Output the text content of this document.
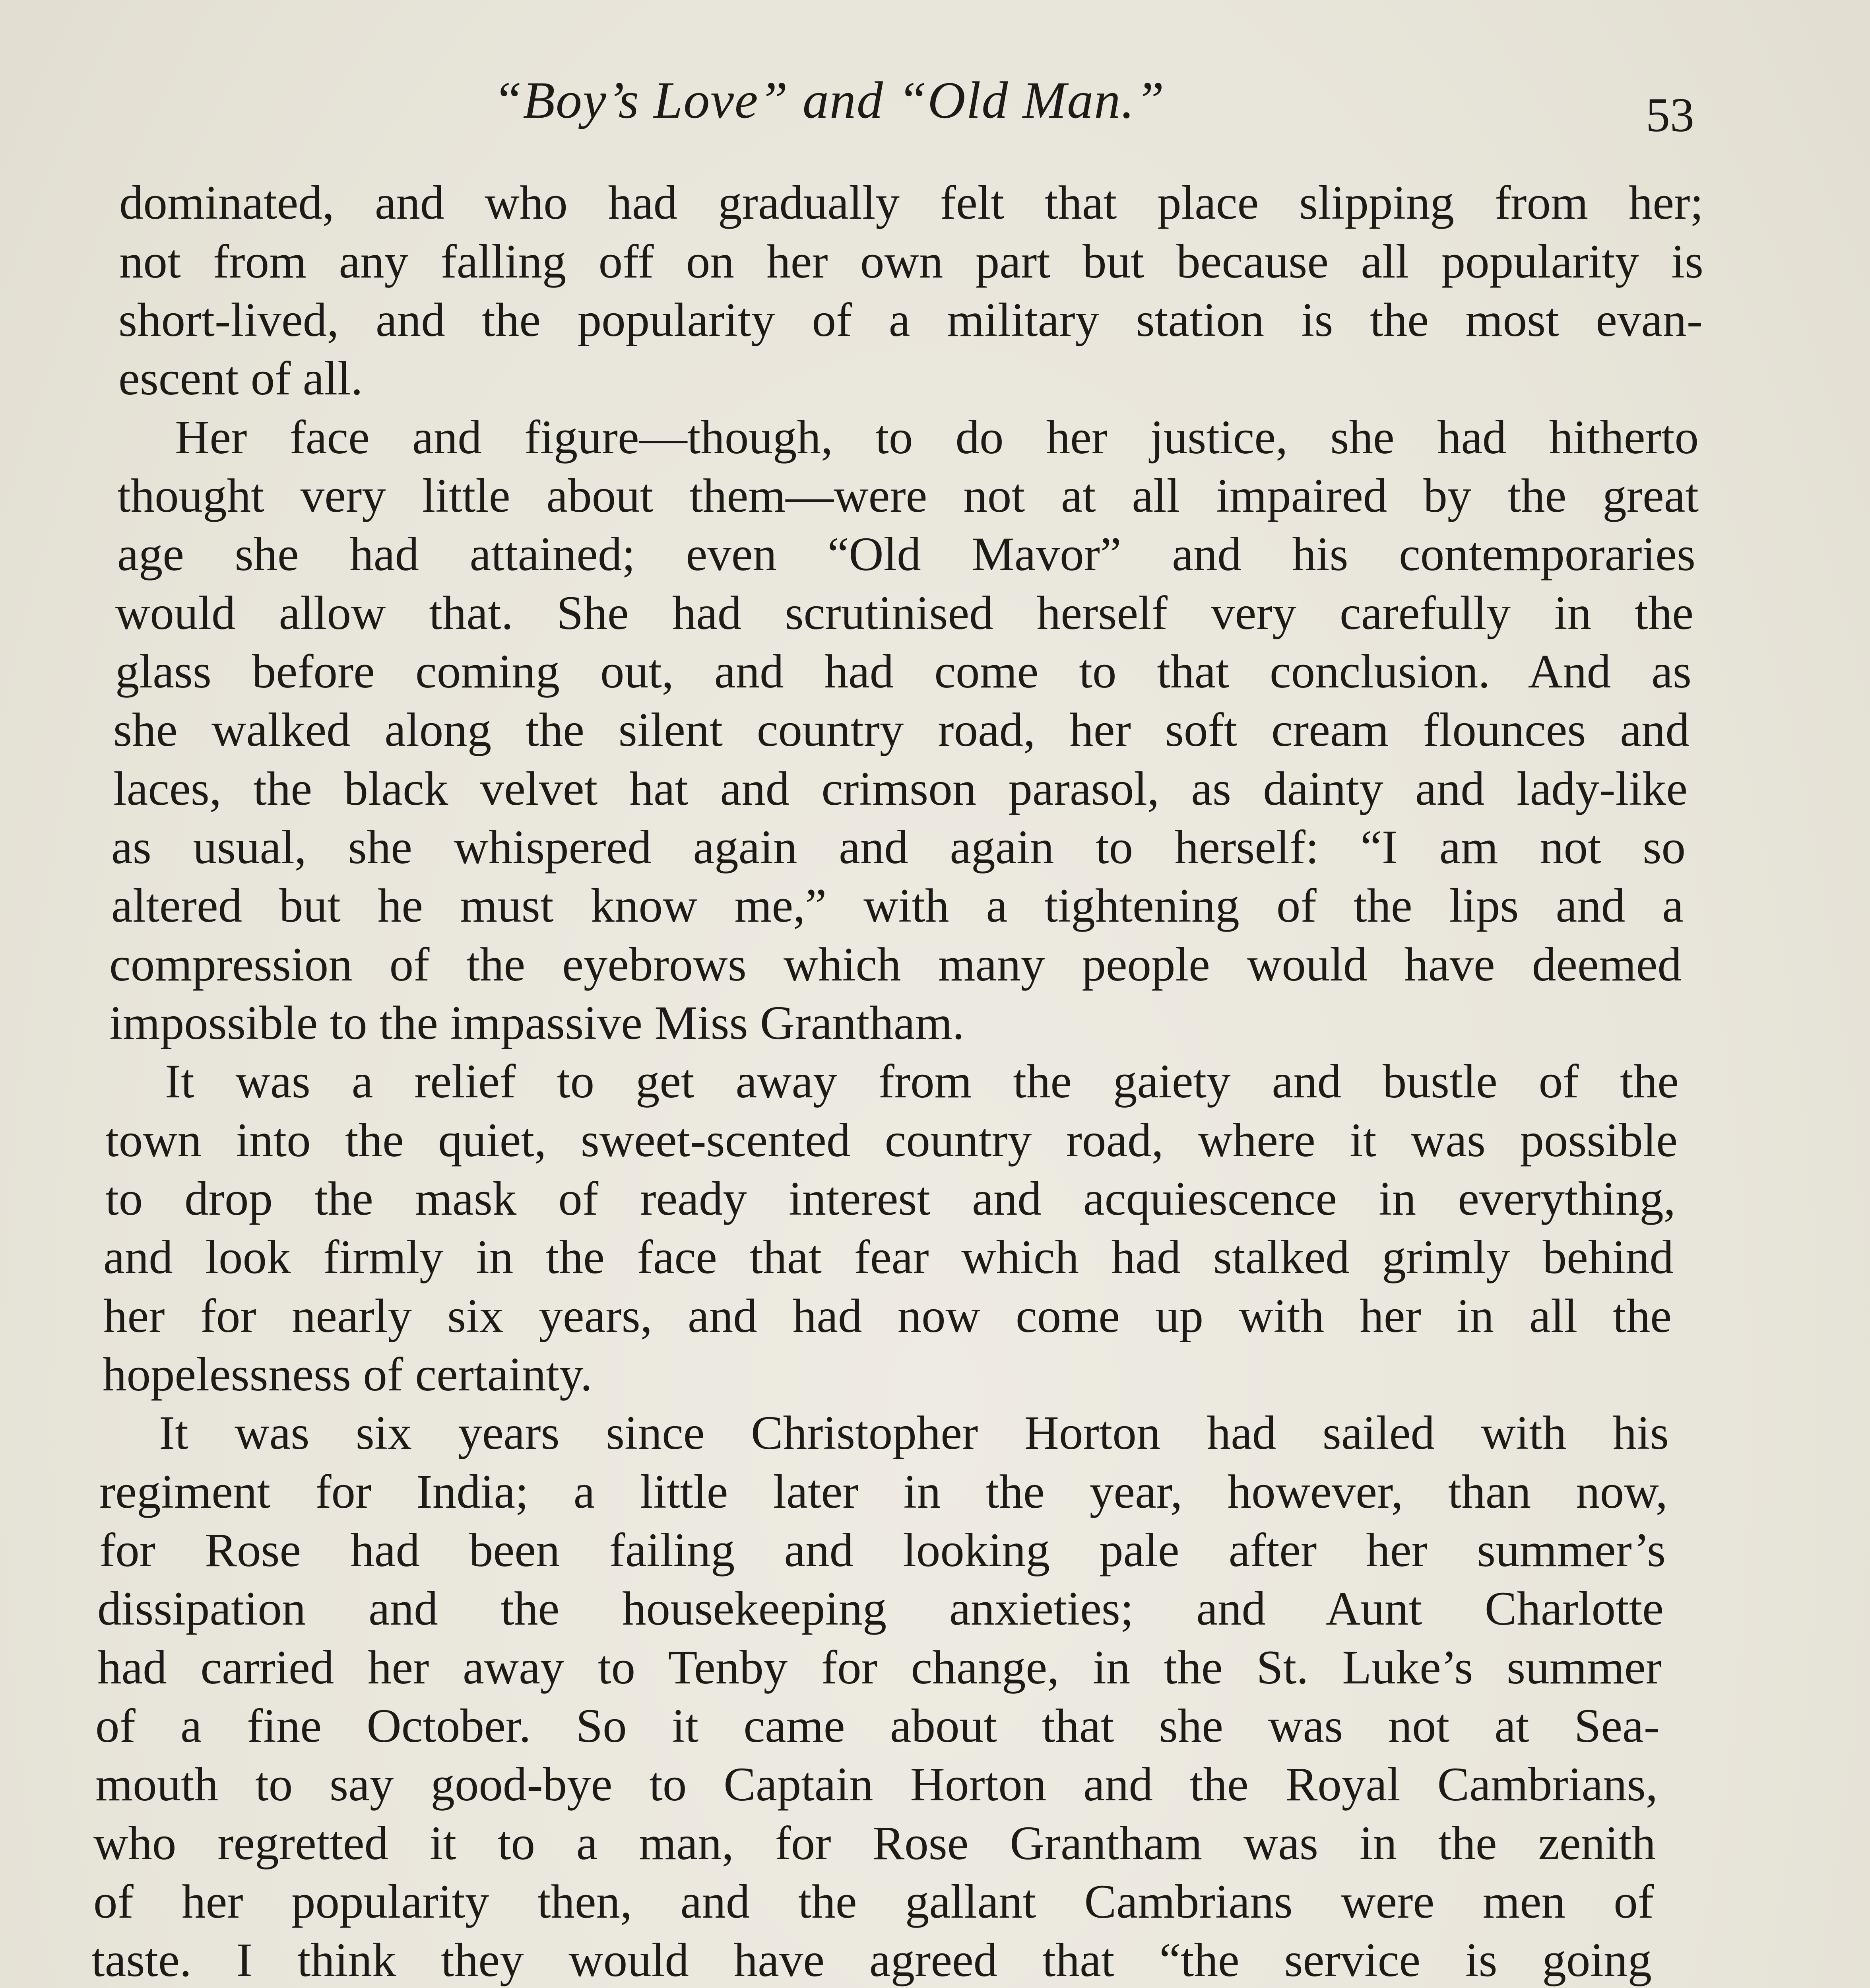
“Boy’s Love” and “Old Man.”	53
dominated, and who had gradually felt that place slipping from her;
not from any falling off on her own part but because all popularity is
short-lived, and the popularity of a military station is the most evan-
escent of all.
Her face and figure—though, to do her justice, she had hitherto
thought very little about them—were not at all impaired by the great
age she had attained; even “Old Mavor” and his contemporaries
would allow that. She had scrutinised herself very carefully in the
glass before coming out, and had come to that conclusion. And as
she walked along the silent country road, her soft cream flounces and
laces, the black velvet hat and crimson parasol, as dainty and lady-like
as usual, she whispered again and again to herself: “I am not so
altered but he must know me,” with a tightening of the lips and a
compression of the eyebrows which many people would have deemed
impossible to the impassive Miss Grantham.
It was a relief to get away from the gaiety and bustle of the
town into the quiet, sweet-scented country road, where it was possible
to drop the mask of ready interest and acquiescence in everything,
and look firmly in the face that fear which had stalked grimly behind
her for nearly six years, and had now come up with her in all the
hopelessness of certainty.
It was six years since Christopher Horton had sailed with his
regiment for India; a little later in the year, however, than now,
for Rose had been failing and looking pale after her summer’s
dissipation and the housekeeping anxieties; and Aunt Charlotte
had carried her away to Tenby for change, in the St. Luke’s summer
of a fine October. So it came about that she was not at Sea-
mouth to say good-bye to Captain Horton and the Royal Cambrians,
who regretted it to a man, for Rose Grantham was in the zenith
of her popularity then, and the gallant Cambrians were men of
taste. I think they would have agreed that “the service is going
